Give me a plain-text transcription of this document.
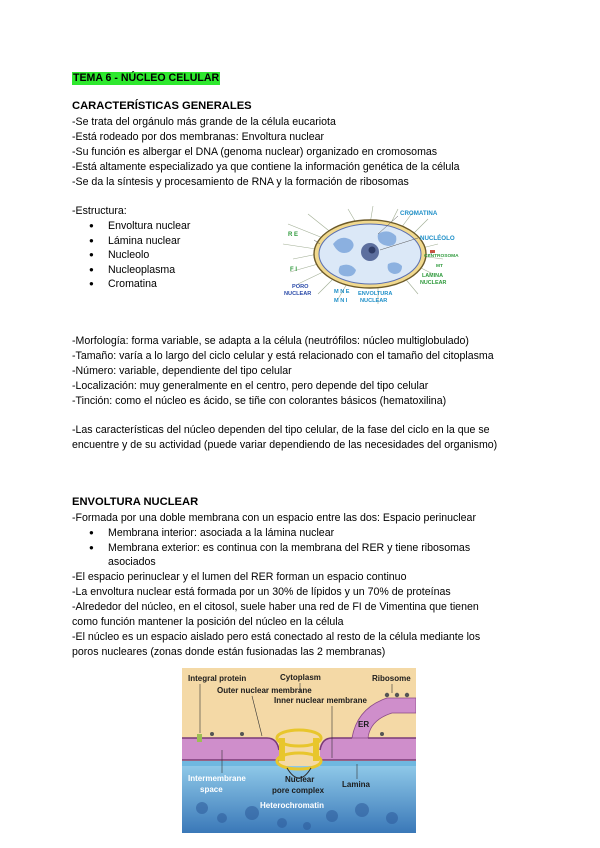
TEMA 6 - NÚCLEO CELULAR
CARACTERÍSTICAS GENERALES
-Se trata del orgánulo más grande de la célula eucariota
-Está rodeado por dos membranas: Envoltura nuclear
-Su función es albergar el DNA (genoma nuclear) organizado en cromosomas
-Está altamente especializado ya que contiene la información genética de la célula
-Se da la síntesis y procesamiento de RNA y la formación de ribosomas
-Estructura:
● Envoltura nuclear
● Lámina nuclear
● Nucleolo
● Nucleoplasma
● Cromatina
CROMATINA
NUCLÉOLO
CENTROSOMA
MT
LAMINA
NUCLEAR
R E
F I
PORO
NUCLEAR	M N E
M N I
ENVOLTURA
NUCLEAR
-Morfología: forma variable, se adapta a la célula (neutrófilos: núcleo multiglobulado)
-Tamaño: varía a lo largo del ciclo celular y está relacionado con el tamaño del citoplasma
-Número: variable, dependiente del tipo celular
-Localización: muy generalmente en el centro, pero depende del tipo celular
-Tinción: como el núcleo es ácido, se tiñe con colorantes básicos (hematoxilina)
-Las características del núcleo dependen del tipo celular, de la fase del ciclo en la que se
encuentre y de su actividad (puede variar dependiendo de las necesidades del organismo)
ENVOLTURA NUCLEAR
-Formada por una doble membrana con un espacio entre las dos: Espacio perinuclear
● Membrana interior: asociada a la lámina nuclear
● Membrana exterior: es continua con la membrana del RER y tiene ribosomas
asociados
-El espacio perinuclear y el lumen del RER forman un espacio continuo
-La envoltura nuclear está formada por un 30% de lípidos y un 70% de proteínas
-Alrededor del núcleo, en el citosol, suele haber una red de FI de Vimentina que tienen
como función mantener la posición del núcleo en la célula
-El núcleo es un espacio aislado pero está conectado al resto de la célula mediante los
poros nucleares (zonas donde están fusionadas las 2 membranas)
Integral protein	Cytoplasm	Ribosome
Outer nuclear membrane
Inner nuclear membrane
ER
Intermembrane
space
Nuclear
pore complex
Lamina
Heterochromatin
